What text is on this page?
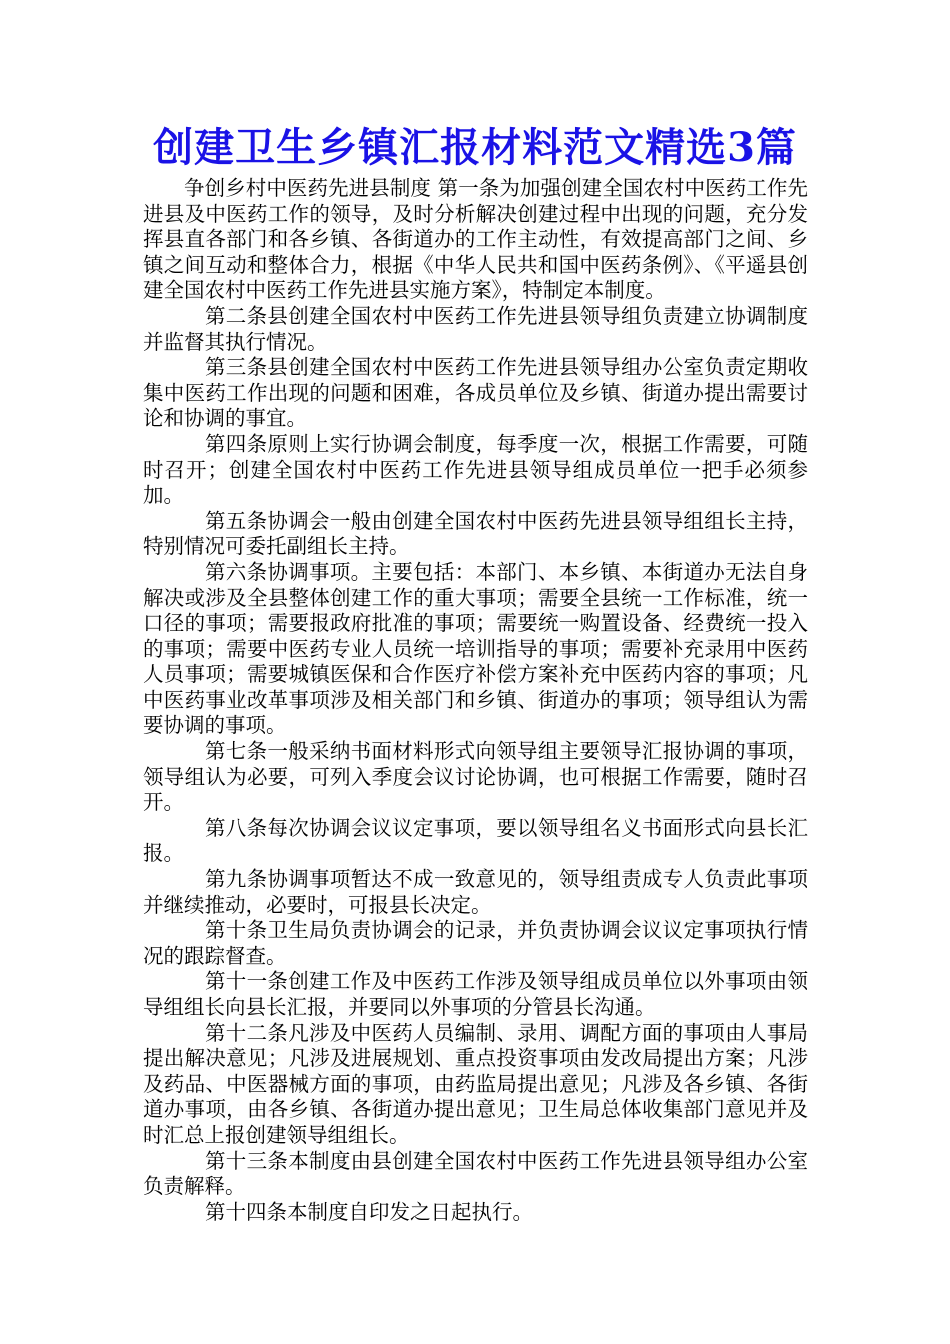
创建卫生乡镇汇报材料范文精选3篇

争创乡村中医药先进县制度 第一条为加强创建全国农村中医药工作先进县及中医药工作的领导，及时分析解决创建过程中出现的问题，充分发挥县直各部门和各乡镇、各街道办的工作主动性，有效提高部门之间、乡镇之间互动和整体合力，根据《中华人民共和国中医药条例》、《平遥县创建全国农村中医药工作先进县实施方案》，特制定本制度。

第二条县创建全国农村中医药工作先进县领导组负责建立协调制度并监督其执行情况。

第三条县创建全国农村中医药工作先进县领导组办公室负责定期收集中医药工作出现的问题和困难，各成员单位及乡镇、街道办提出需要讨论和协调的事宜。

第四条原则上实行协调会制度，每季度一次，根据工作需要，可随时召开；创建全国农村中医药工作先进县领导组成员单位一把手必须参加。

第五条协调会一般由创建全国农村中医药先进县领导组组长主持，特别情况可委托副组长主持。

第六条协调事项。主要包括：本部门、本乡镇、本街道办无法自身解决或涉及全县整体创建工作的重大事项；需要全县统一工作标准，统一口径的事项；需要报政府批准的事项；需要统一购置设备、经费统一投入的事项；需要中医药专业人员统一培训指导的事项；需要补充录用中医药人员事项；需要城镇医保和合作医疗补偿方案补充中医药内容的事项；凡中医药事业改革事项涉及相关部门和乡镇、街道办的事项；领导组认为需要协调的事项。

第七条一般采纳书面材料形式向领导组主要领导汇报协调的事项，领导组认为必要，可列入季度会议讨论协调，也可根据工作需要，随时召开。

第八条每次协调会议议定事项，要以领导组名义书面形式向县长汇报。

第九条协调事项暂达不成一致意见的，领导组责成专人负责此事项并继续推动，必要时，可报县长决定。

第十条卫生局负责协调会的记录，并负责协调会议议定事项执行情况的跟踪督查。

第十一条创建工作及中医药工作涉及领导组成员单位以外事项由领导组组长向县长汇报，并要同以外事项的分管县长沟通。

第十二条凡涉及中医药人员编制、录用、调配方面的事项由人事局提出解决意见；凡涉及进展规划、重点投资事项由发改局提出方案；凡涉及药品、中医器械方面的事项，由药监局提出意见；凡涉及各乡镇、各街道办事项，由各乡镇、各街道办提出意见；卫生局总体收集部门意见并及时汇总上报创建领导组组长。

第十三条本制度由县创建全国农村中医药工作先进县领导组办公室负责解释。

第十四条本制度自印发之日起执行。
